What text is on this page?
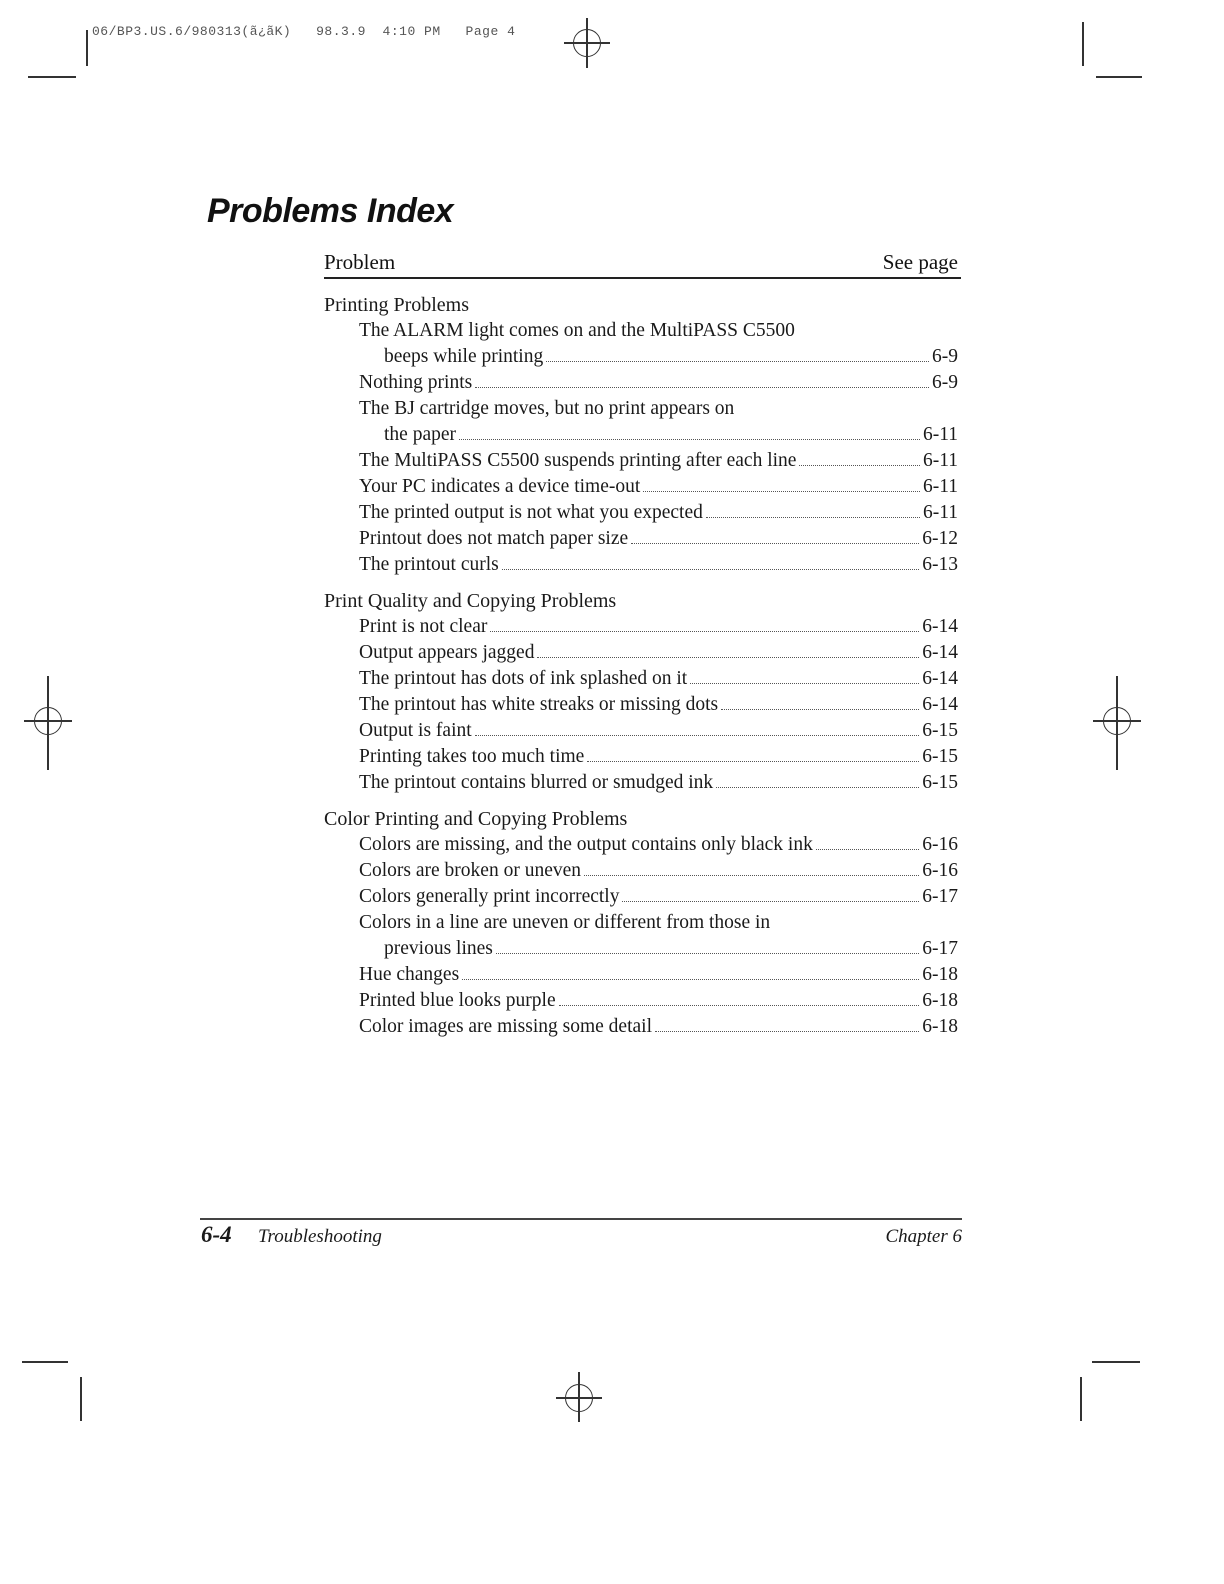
06/BP3.US.6/980313(ã¿ãK)   98.3.9  4:10 PM   Page 4
Problems Index
Problem	See page
Printing Problems
The ALARM light comes on and the MultiPASS C5500
beeps while printing	6-9
Nothing prints	6-9
The BJ cartridge moves, but no print appears on
the paper	6-11
The MultiPASS C5500 suspends printing after each line	6-11
Your PC indicates a device time-out	6-11
The printed output is not what you expected	6-11
Printout does not match paper size	6-12
The printout curls	6-13
Print Quality and Copying Problems
Print is not clear	6-14
Output appears jagged	6-14
The printout has dots of ink splashed on it	6-14
The printout has white streaks or missing dots	6-14
Output is faint	6-15
Printing takes too much time	6-15
The printout contains blurred or smudged ink	6-15
Color Printing and Copying Problems
Colors are missing, and the output contains only black ink	6-16
Colors are broken or uneven	6-16
Colors generally print incorrectly	6-17
Colors in a line are uneven or different from those in
previous lines	6-17
Hue changes	6-18
Printed blue looks purple	6-18
Color images are missing some detail	6-18
6-4 Troubleshooting	Chapter 6
